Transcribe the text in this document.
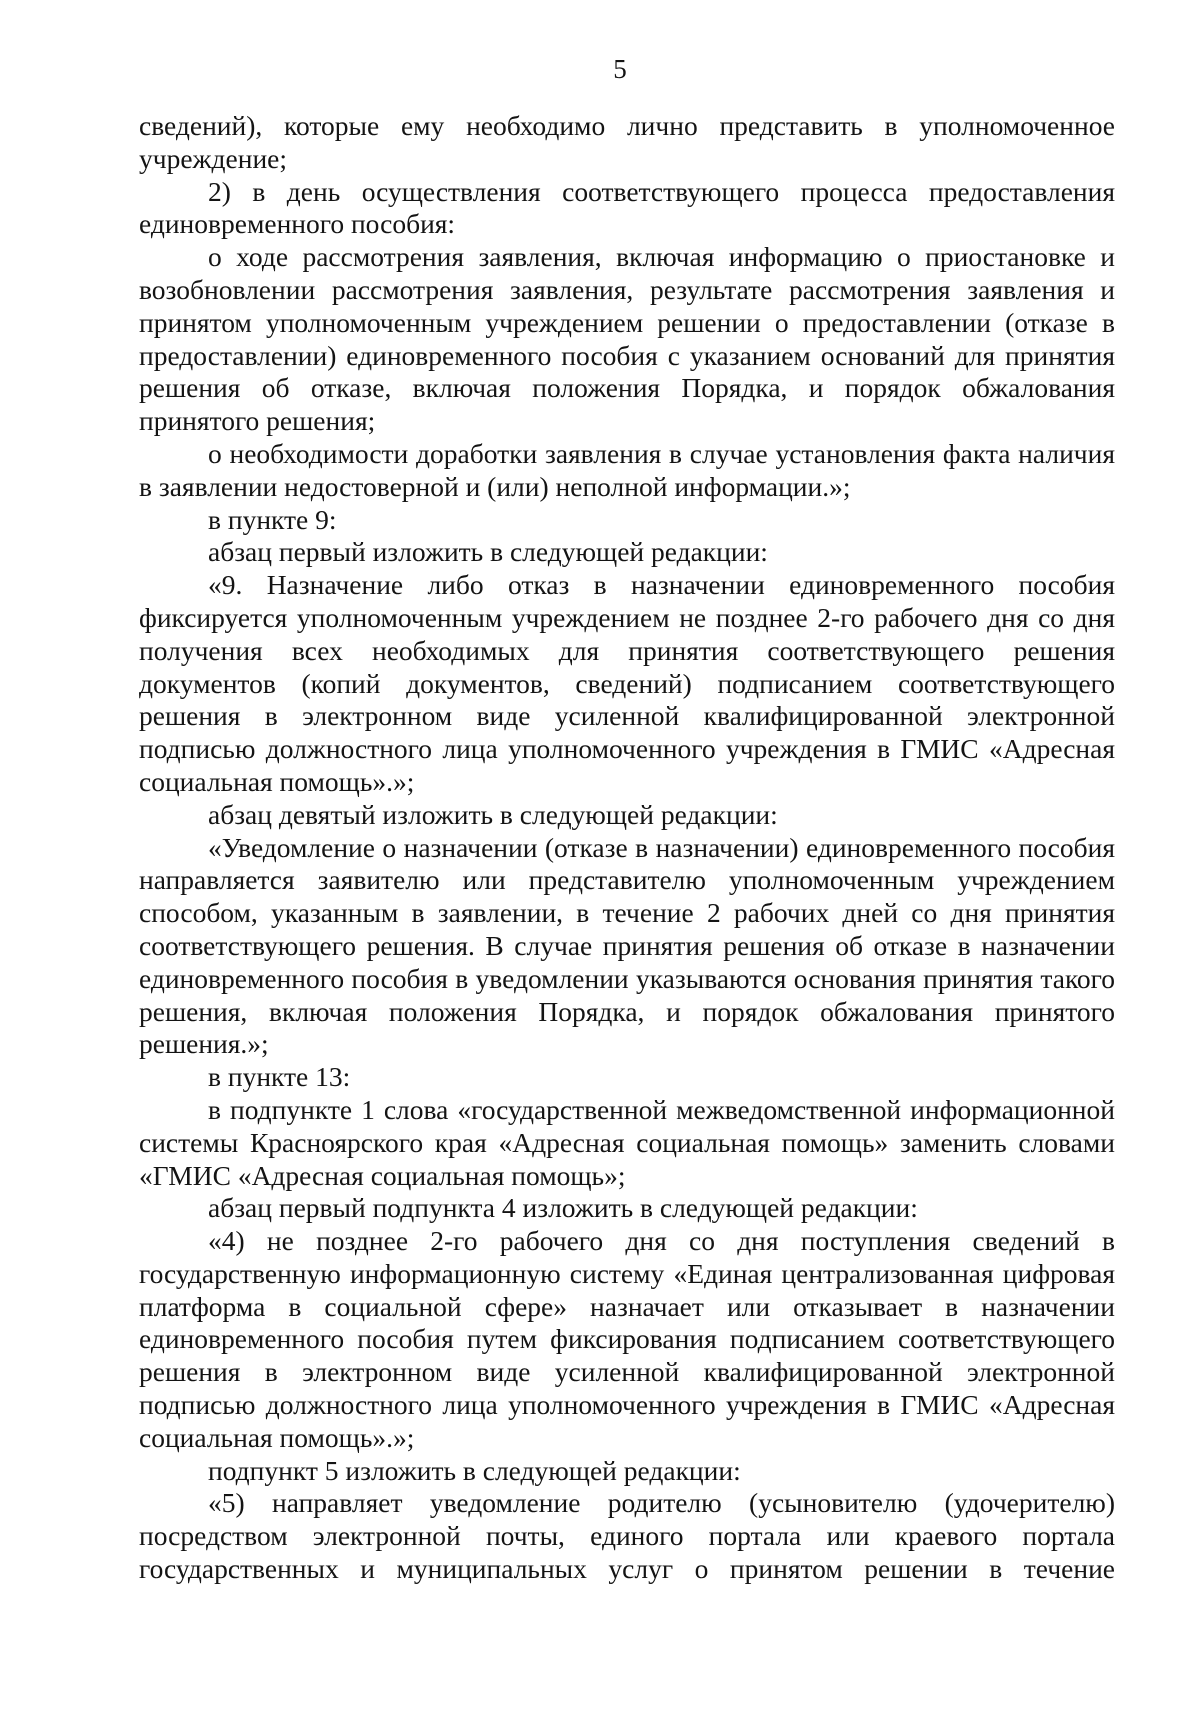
5

сведений), которые ему необходимо лично представить в уполномоченное учреждение;

2) в день осуществления соответствующего процесса предоставления единовременного пособия:

о ходе рассмотрения заявления, включая информацию о приостановке и возобновлении рассмотрения заявления, результате рассмотрения заявления и принятом уполномоченным учреждением решении о предоставлении (отказе в предоставлении) единовременного пособия с указанием оснований для принятия решения об отказе, включая положения Порядка, и порядок обжалования принятого решения;

о необходимости доработки заявления в случае установления факта наличия в заявлении недостоверной и (или) неполной информации.»;

в пункте 9:

абзац первый изложить в следующей редакции:

«9. Назначение либо отказ в назначении единовременного пособия фиксируется уполномоченным учреждением не позднее 2-го рабочего дня со дня получения всех необходимых для принятия соответствующего решения документов (копий документов, сведений) подписанием соответствующего решения в электронном виде усиленной квалифицированной электронной подписью должностного лица уполномоченного учреждения в ГМИС «Адресная социальная помощь».»;

абзац девятый изложить в следующей редакции:

«Уведомление о назначении (отказе в назначении) единовременного пособия направляется заявителю или представителю уполномоченным учреждением способом, указанным в заявлении, в течение 2 рабочих дней со дня принятия соответствующего решения. В случае принятия решения об отказе в назначении единовременного пособия в уведомлении указываются основания принятия такого решения, включая положения Порядка, и порядок обжалования принятого решения.»;

в пункте 13:

в подпункте 1 слова «государственной межведомственной информационной системы Красноярского края «Адресная социальная помощь» заменить словами «ГМИС «Адресная социальная помощь»;

абзац первый подпункта 4 изложить в следующей редакции:

«4) не позднее 2-го рабочего дня со дня поступления сведений в государственную информационную систему «Единая централизованная цифровая платформа в социальной сфере» назначает или отказывает в назначении единовременного пособия путем фиксирования подписанием соответствующего решения в электронном виде усиленной квалифицированной электронной подписью должностного лица уполномоченного учреждения в ГМИС «Адресная социальная помощь».»;

подпункт 5 изложить в следующей редакции:

«5) направляет уведомление родителю (усыновителю (удочерителю) посредством электронной почты, единого портала или краевого портала государственных и муниципальных услуг о принятом решении в течение
